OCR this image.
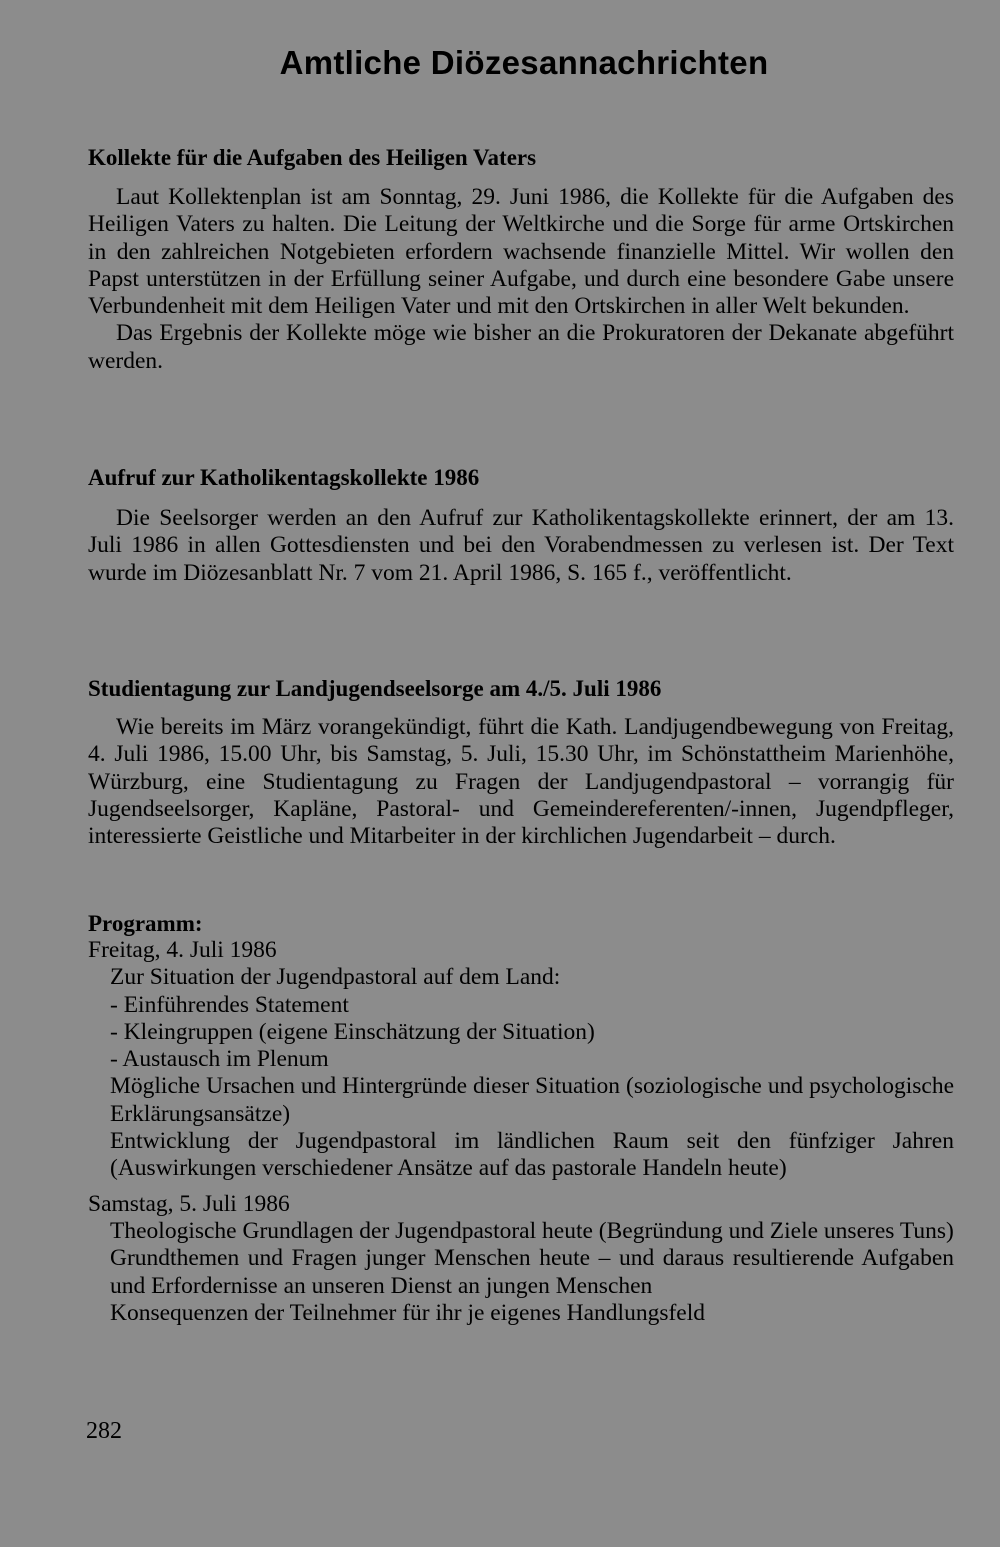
Amtliche Diözesannachrichten
Kollekte für die Aufgaben des Heiligen Vaters

Laut Kollektenplan ist am Sonntag, 29. Juni 1986, die Kollekte für die Aufgaben des Heiligen Vaters zu halten. Die Leitung der Weltkirche und die Sorge für arme Ortskirchen in den zahlreichen Notgebieten erfordern wachsende finanzielle Mittel. Wir wollen den Papst unterstützen in der Erfüllung seiner Aufgabe, und durch eine besondere Gabe unsere Verbundenheit mit dem Heiligen Vater und mit den Ortskirchen in aller Welt bekunden.

Das Ergebnis der Kollekte möge wie bisher an die Prokuratoren der Dekanate abgeführt werden.

Aufruf zur Katholikentagskollekte 1986

Die Seelsorger werden an den Aufruf zur Katholikentagskollekte erinnert, der am 13. Juli 1986 in allen Gottesdiensten und bei den Vorabendmessen zu verlesen ist. Der Text wurde im Diözesanblatt Nr. 7 vom 21. April 1986, S. 165 f., veröffentlicht.

Studientagung zur Landjugendseelsorge am 4./5. Juli 1986

Wie bereits im März vorangekündigt, führt die Kath. Landjugendbewegung von Freitag, 4. Juli 1986, 15.00 Uhr, bis Samstag, 5. Juli, 15.30 Uhr, im Schönstattheim Marienhöhe, Würzburg, eine Studientagung zu Fragen der Landjugendpastoral – vorrangig für Jugendseelsorger, Kapläne, Pastoral- und Gemeindereferenten/-innen, Jugendpfleger, interessierte Geistliche und Mitarbeiter in der kirchlichen Jugendarbeit – durch.

Programm:

Freitag, 4. Juli 1986

Zur Situation der Jugendpastoral auf dem Land:

- Einführendes Statement

- Kleingruppen (eigene Einschätzung der Situation)

- Austausch im Plenum

Mögliche Ursachen und Hintergründe dieser Situation (soziologische und psychologische Erklärungsansätze)

Entwicklung der Jugendpastoral im ländlichen Raum seit den fünfziger Jahren (Auswirkungen verschiedener Ansätze auf das pastorale Handeln heute)

Samstag, 5. Juli 1986

Theologische Grundlagen der Jugendpastoral heute (Begründung und Ziele unseres Tuns)

Grundthemen und Fragen junger Menschen heute – und daraus resultierende Aufgaben und Erfordernisse an unseren Dienst an jungen Menschen

Konsequenzen der Teilnehmer für ihr je eigenes Handlungsfeld

282
